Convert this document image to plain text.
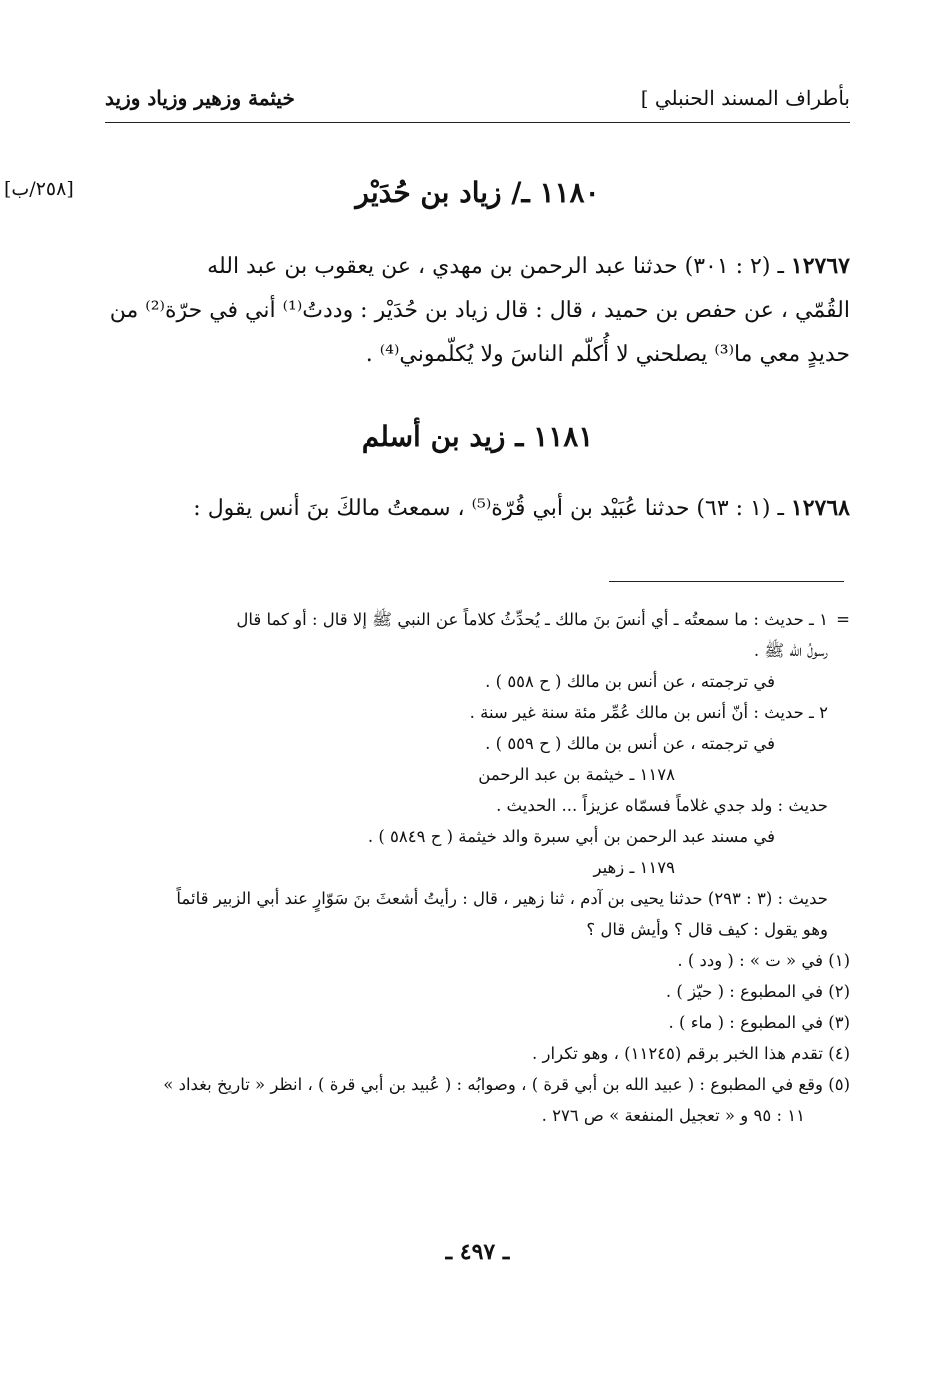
بأطراف المسند الحنبلي ]
خيثمة وزهير وزياد وزيد
[٢٥٨/ب]	١١٨٠ ـ/ زياد بن حُدَيْر
١٢٧٦٧ ـ (٢ : ٣٠١) حدثنا عبد الرحمن بن مهدي ، عن يعقوب بن عبد الله
القُمّي ، عن حفص بن حميد ، قال : قال زياد بن حُدَيْر : وددتُ⁽¹⁾ أني في حرّة⁽²⁾ من
حديدٍ معي ما⁽³⁾ يصلحني لا أُكلّم الناسَ ولا يُكلّموني⁽⁴⁾ .
١١٨١ ـ زيد بن أسلم
١٢٧٦٨ ـ (١ : ٦٣) حدثنا عُبَيْد بن أبي قُرّة⁽⁵⁾ ، سمعتُ مالكَ بنَ أنس يقول :
=١ ـ حديث : ما سمعتُه ـ أي أنسَ بنَ مالك ـ يُحدِّثُ كلاماً عن النبي ﷺ إلا قال : أو كما قال
رسولُ الله ﷺ .
في ترجمته ، عن أنس بن مالك ( ح ٥٥٨ ) .
٢ ـ حديث : أنّ أنس بن مالك عُمِّر مئة سنة غير سنة .
في ترجمته ، عن أنس بن مالك ( ح ٥٥٩ ) .
١١٧٨ ـ خيثمة بن عبد الرحمن
حديث : ولد جدي غلاماً فسمّاه عزيزاً ... الحديث .
في مسند عبد الرحمن بن أبي سبرة والد خيثمة ( ح ٥٨٤٩ ) .
١١٧٩ ـ زهير
حديث : (٣ : ٢٩٣) حدثنا يحيى بن آدم ، ثنا زهير ، قال : رأيتُ أشعثَ بنَ سَوّارٍ عند أبي الزبير قائماً
وهو يقول : كيف قال ؟ وأيش قال ؟
(١) في « ت » : ( ودد ) .
(٢) في المطبوع : ( حيّز ) .
(٣) في المطبوع : ( ماء ) .
(٤) تقدم هذا الخبر برقم (١١٢٤٥) ، وهو تكرار .
(٥) وقع في المطبوع : ( عبيد الله بن أبي قرة ) ، وصوابُه : ( عُبيد بن أبي قرة ) ، انظر « تاريخ بغداد »
١١ : ٩٥ و « تعجيل المنفعة » ص ٢٧٦ .
ـ ٤٩٧ ـ
